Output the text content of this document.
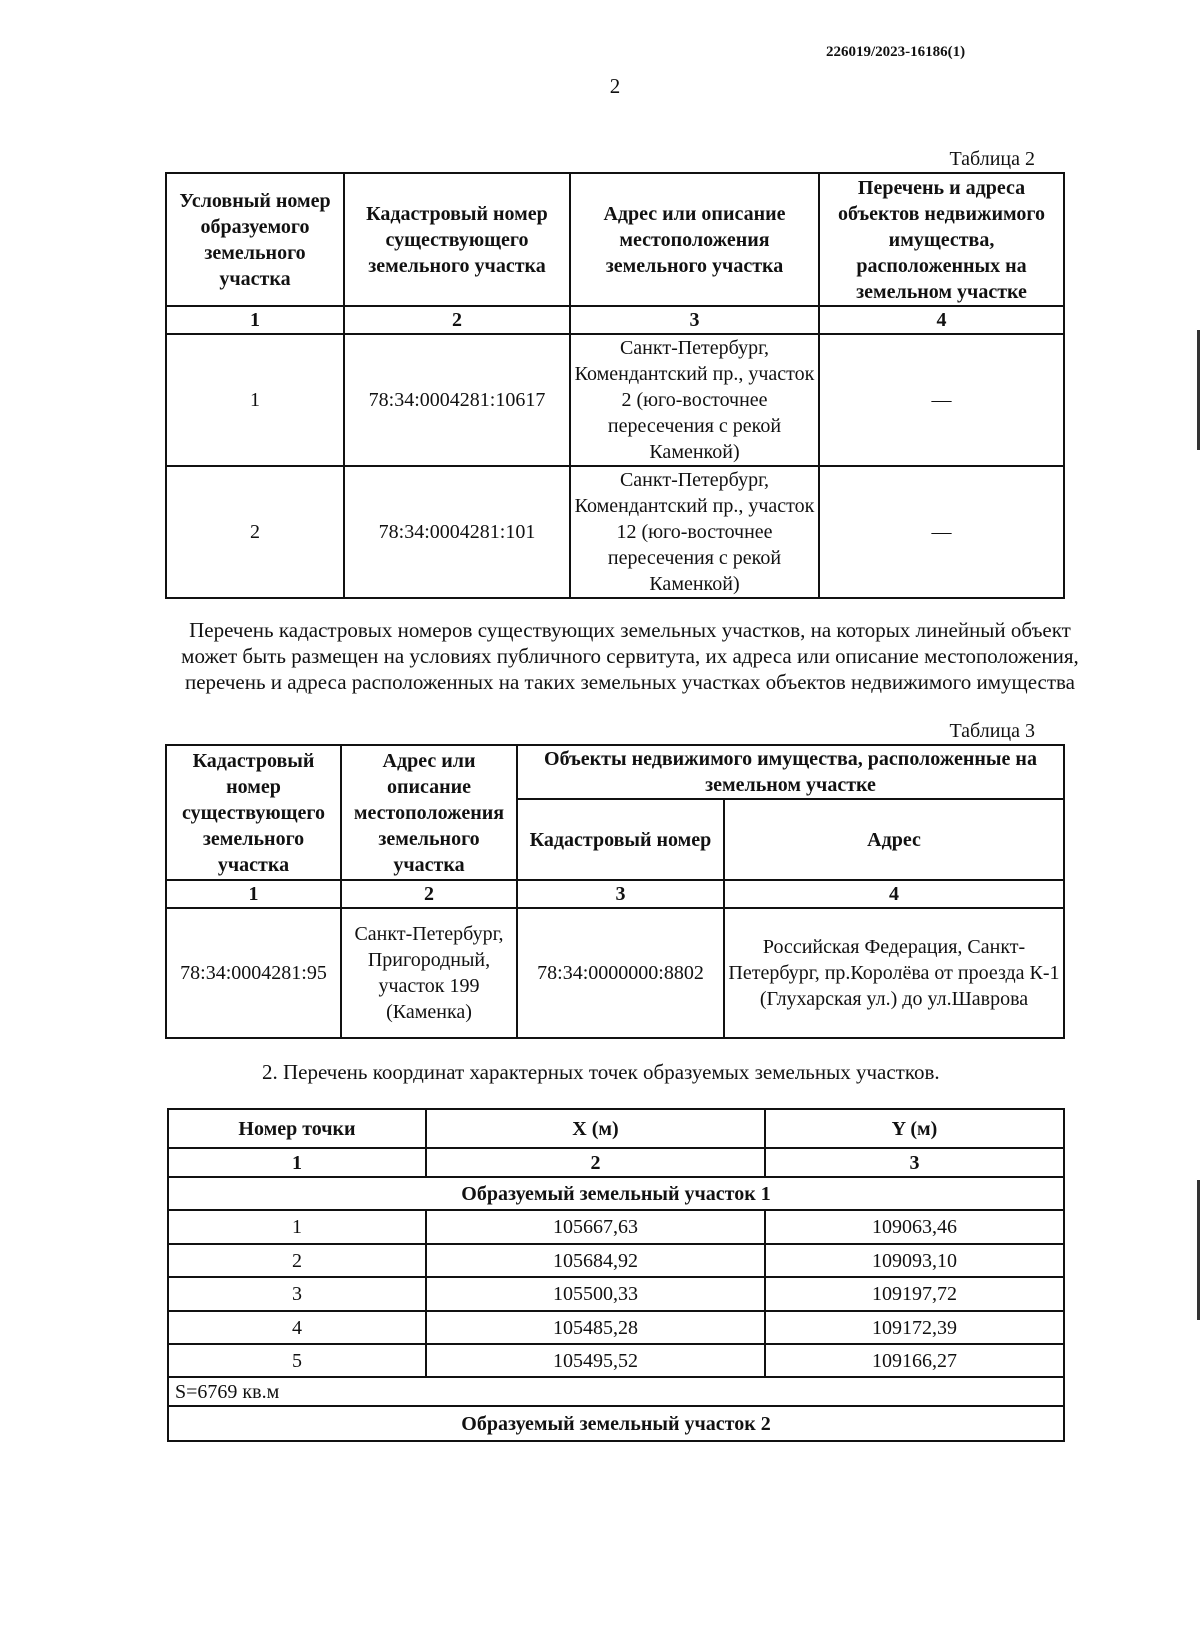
226019/2023-16186(1)
2
Таблица 2
Условный номер образуемого земельного участка	Кадастровый номер существующего земельного участка	Адрес или описание местоположения земельного участка	Перечень и адреса объектов недвижимого имущества, расположенных на земельном участке
1	2	3	4
1	78:34:0004281:10617	Санкт-Петербург, Комендантский пр., участок 2 (юго-восточнее пересечения с рекой Каменкой)	—
2	78:34:0004281:101	Санкт-Петербург, Комендантский пр., участок 12 (юго-восточнее пересечения с рекой Каменкой)	—
Перечень кадастровых номеров существующих земельных участков, на которых линейный объект может быть размещен на условиях публичного сервитута, их адреса или описание местоположения, перечень и адреса расположенных на таких земельных участках объектов недвижимого имущества
Таблица 3
Кадастровый номер существующего земельного участка	Адрес или описание местоположения земельного участка	Объекты недвижимого имущества, расположенные на земельном участке	
		Кадастровый номер	Адрес
1	2	3	4
78:34:0004281:95	Санкт-Петербург, Пригородный, участок 199 (Каменка)	78:34:0000000:8802	Российская Федерация, Санкт-Петербург, пр.Королёва от проезда К-1 (Глухарская ул.) до ул.Шаврова
2. Перечень координат характерных точек образуемых земельных участков.
Номер точки	X (м)	Y (м)
1	2	3
Образуемый земельный участок 1		
1	105667,63	109063,46
2	105684,92	109093,10
3	105500,33	109197,72
4	105485,28	109172,39
5	105495,52	109166,27
S=6769 кв.м		
Образуемый земельный участок 2		
